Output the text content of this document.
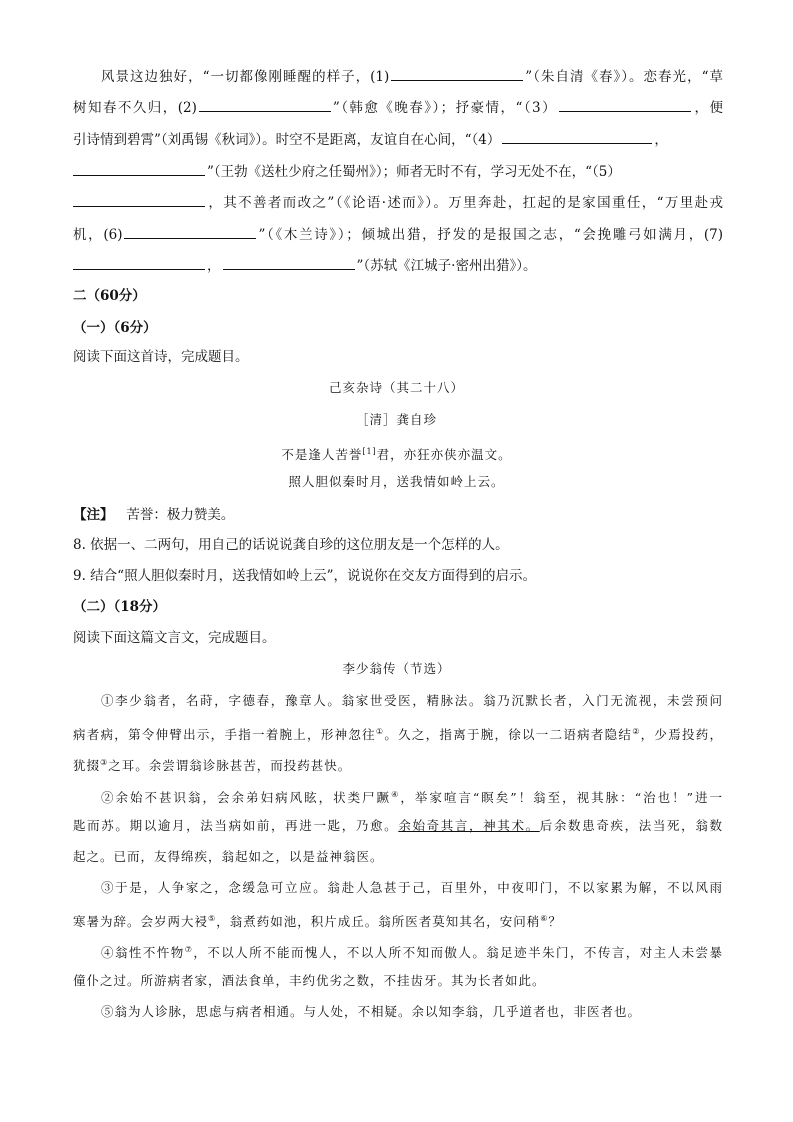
风景这边独好，“一切都像刚睡醒的样子，(1)	”（朱自清《春》）。恋春光，“草
树知春不久归，(2)	”（韩愈《晚春》）；抒豪情，“（3）	，便
引诗情到碧霄”（刘禹锡《秋词》）。时空不是距离，友谊自在心间，“（4）	，
”（王勃《送杜少府之任蜀州》）；师者无时不有，学习无处不在，“（5）
，其不善者而改之”（《论语·述而》）。万里奔赴，扛起的是家国重任，“万里赴戎
机，(6)	”（《木兰诗》）；倾城出猎，抒发的是报国之志，“会挽雕弓如满月，(7)
，	”（苏轼《江城子·密州出猎》）。
二（60分）
（一）（6分）
阅读下面这首诗，完成题目。
己亥杂诗（其二十八）
［清］龚自珍
不是逢人苦誉[1]君，亦狂亦侠亦温文。
照人胆似秦时月，送我情如岭上云。
【注】 苦誉：极力赞美。
8. 依据一、二两句，用自己的话说说龚自珍的这位朋友是一个怎样的人。
9. 结合“照人胆似秦时月，送我情如岭上云”，说说你在交友方面得到的启示。
（二）（18分）
阅读下面这篇文言文，完成题目。
李少翁传（节选）
①李少翁者，名莳，字德春，豫章人。翁家世受医，精脉法。翁乃沉默长者，入门无流视，未尝预问
病者病，第令伸臂出示，手指一着腕上，形神忽往①。久之，指离于腕，徐以一二语病者隐结②，少焉投药，
犹掇③之耳。余尝谓翁诊脉甚苦，而投药甚快。
②余始不甚识翁，会余弟妇病风眩，状类尸蹶④，举家喧言“瞑矣”！翁至，视其脉：“治也！”进一
匙而苏。期以逾月，法当病如前，再进一匙，乃愈。余始奇其言，神其术。后余数患奇疾，法当死，翁数
起之。已而，友得绵疾，翁起如之，以是益神翁医。
③于是，人争家之，念缓急可立应。翁赴人急甚于己，百里外，中夜叩门，不以家累为解，不以风雨
寒暑为辞。会岁两大祲⑤，翁煮药如池，积片成丘。翁所医者莫知其名，安问稍⑥？
④翁性不忤物⑦，不以人所不能而愧人，不以人所不知而傲人。翁足迹半朱门，不传言，对主人未尝暴
僮仆之过。所游病者家，酒法食单，丰约优劣之数，不挂齿牙。其为长者如此。
⑤翁为人诊脉，思虑与病者相通。与人处，不相疑。余以知李翁，几乎道者也，非医者也。
